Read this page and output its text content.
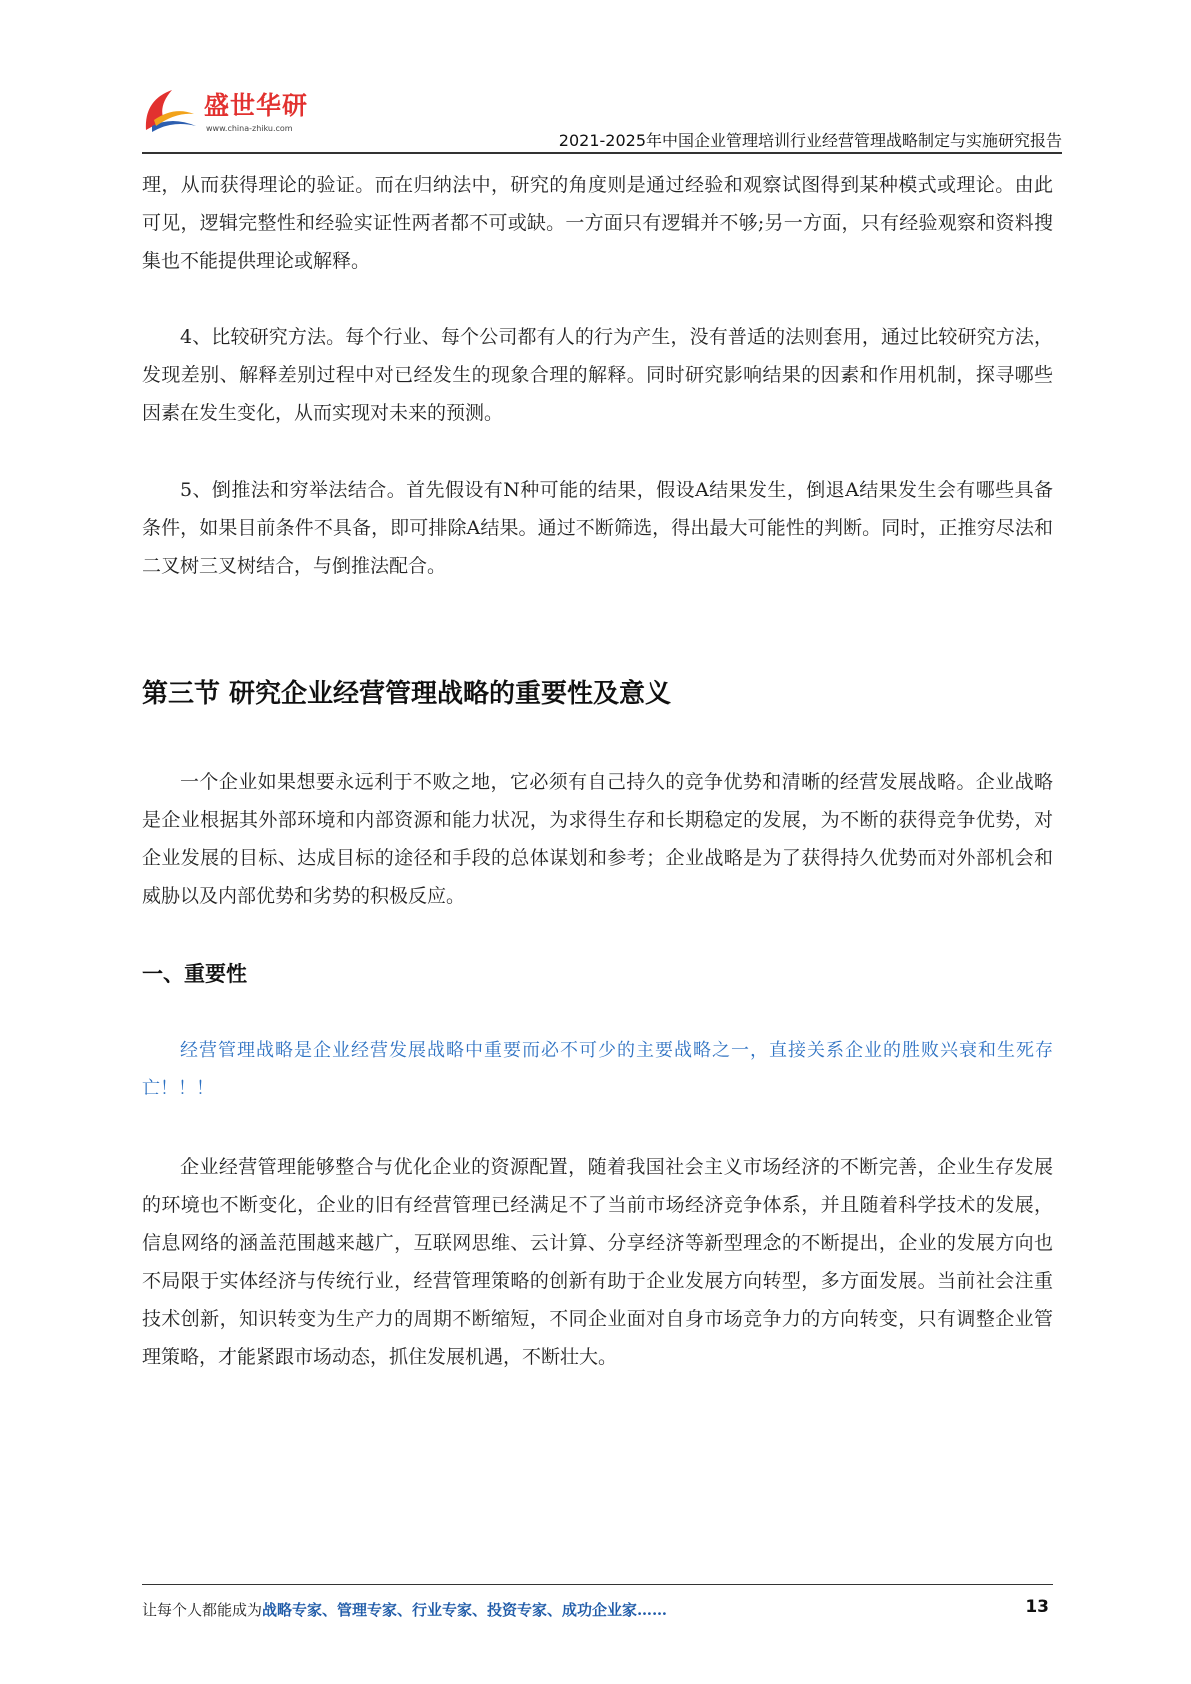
盛世华研
www.china-zhiku.com
2021-2025年中国企业管理培训行业经营管理战略制定与实施研究报告

理，从而获得理论的验证。而在归纳法中，研究的角度则是通过经验和观察试图得到某种模式或理论。由此可见，逻辑完整性和经验实证性两者都不可或缺。一方面只有逻辑并不够;另一方面，只有经验观察和资料搜集也不能提供理论或解释。

4、比较研究方法。每个行业、每个公司都有人的行为产生，没有普适的法则套用，通过比较研究方法，发现差别、解释差别过程中对已经发生的现象合理的解释。同时研究影响结果的因素和作用机制，探寻哪些因素在发生变化，从而实现对未来的预测。

5、倒推法和穷举法结合。首先假设有N种可能的结果，假设A结果发生，倒退A结果发生会有哪些具备条件，如果目前条件不具备，即可排除A结果。通过不断筛选，得出最大可能性的判断。同时，正推穷尽法和二叉树三叉树结合，与倒推法配合。

第三节 研究企业经营管理战略的重要性及意义

一个企业如果想要永远利于不败之地，它必须有自己持久的竞争优势和清晰的经营发展战略。企业战略是企业根据其外部环境和内部资源和能力状况，为求得生存和长期稳定的发展，为不断的获得竞争优势，对企业发展的目标、达成目标的途径和手段的总体谋划和参考；企业战略是为了获得持久优势而对外部机会和威胁以及内部优势和劣势的积极反应。

一、重要性

经营管理战略是企业经营发展战略中重要而必不可少的主要战略之一，直接关系企业的胜败兴衰和生死存亡！！！

企业经营管理能够整合与优化企业的资源配置，随着我国社会主义市场经济的不断完善，企业生存发展的环境也不断变化，企业的旧有经营管理已经满足不了当前市场经济竞争体系，并且随着科学技术的发展，信息网络的涵盖范围越来越广，互联网思维、云计算、分享经济等新型理念的不断提出，企业的发展方向也不局限于实体经济与传统行业，经营管理策略的创新有助于企业发展方向转型，多方面发展。当前社会注重技术创新，知识转变为生产力的周期不断缩短，不同企业面对自身市场竞争力的方向转变，只有调整企业管理策略，才能紧跟市场动态，抓住发展机遇，不断壮大。

让每个人都能成为战略专家、管理专家、行业专家、投资专家、成功企业家……	13
